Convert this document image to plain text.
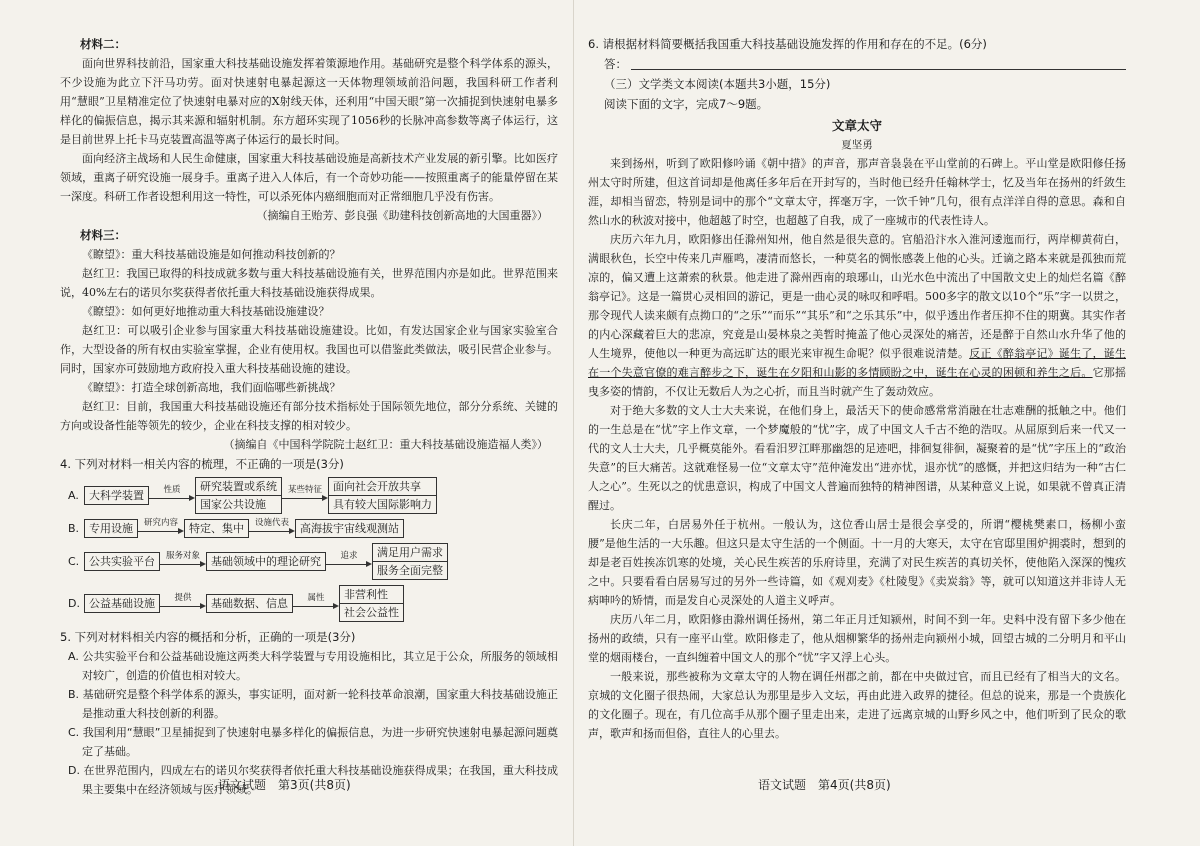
材料二：

面向世界科技前沿，国家重大科技基础设施发挥着策源地作用。基础研究是整个科学体系的源头，不少设施为此立下汗马功劳。面对快速射电暴起源这一天体物理领域前沿问题，我国科研工作者利用“慧眼”卫星精准定位了快速射电暴对应的X射线天体，还利用“中国天眼”第一次捕捉到快速射电暴多样化的偏振信息，揭示其来源和辐射机制。东方超环实现了1056秒的长脉冲高参数等离子体运行，这是目前世界上托卡马克装置高温等离子体运行的最长时间。

面向经济主战场和人民生命健康，国家重大科技基础设施是高新技术产业发展的新引擎。比如医疗领域，重离子研究设施一展身手。重离子进入人体后，有一个奇妙功能——按照重离子的能量停留在某一深度。科研工作者设想利用这一特性，可以杀死体内癌细胞而对正常细胞几乎没有伤害。

（摘编自王贻芳、彭良强《助建科技创新高地的大国重器》）

材料三：

《瞭望》：重大科技基础设施是如何推动科技创新的？

赵红卫：我国已取得的科技成就多数与重大科技基础设施有关，世界范围内亦是如此。世界范围来说，40%左右的诺贝尔奖获得者依托重大科技基础设施获得成果。

《瞭望》：如何更好地推动重大科技基础设施建设？

赵红卫：可以吸引企业参与国家重大科技基础设施建设。比如，有发达国家企业与国家实验室合作，大型设备的所有权由实验室掌握，企业有使用权。我国也可以借鉴此类做法，吸引民营企业参与。同时，国家亦可鼓励地方政府投入重大科技基础设施的建设。

《瞭望》：打造全球创新高地，我们面临哪些新挑战？

赵红卫：目前，我国重大科技基础设施还有部分技术指标处于国际领先地位，部分分系统、关键的方向或设备性能等领先的较少，企业在科技支撑的相对较少。

（摘编自《中国科学院院士赵红卫：重大科技基础设施造福人类》）

4. 下列对材料一相关内容的梳理，不正确的一项是(3分)

A. 大科学装置	性质	研究装置或系统
国家公共设施
某些特征	面向社会开放共享
具有较大国际影响力
B. 专用设施	研究内容	特定、集中	设施代表	高海拔宇宙线观测站
C. 公共实验平台	服务对象	基础领域中的理论研究	追求	满足用户需求
服务全面完整
D. 公益基础设施	提供	基础数据、信息	属性	非营利性
社会公益性

5. 下列对材料相关内容的概括和分析，正确的一项是(3分)

A. 公共实验平台和公益基础设施这两类大科学装置与专用设施相比，其立足于公众，所服务的领域相对较广，创造的价值也相对较大。

B. 基础研究是整个科学体系的源头，事实证明，面对新一轮科技革命浪潮，国家重大科技基础设施正是推动重大科技创新的利器。

C. 我国利用“慧眼”卫星捕捉到了快速射电暴多样化的偏振信息，为进一步研究快速射电暴起源问题奠定了基础。

D. 在世界范围内，四成左右的诺贝尔奖获得者依托重大科技基础设施获得成果；在我国，重大科技成果主要集中在经济领域与医疗领域。

语文试题　第3页(共8页)

6. 请根据材料简要概括我国重大科技基础设施发挥的作用和存在的不足。(6分)

答：

（三）文学类文本阅读(本题共3小题，15分)

阅读下面的文字，完成7～9题。

文章太守

夏坚勇

来到扬州，听到了欧阳修吟诵《朝中措》的声音，那声音袅袅在平山堂前的石碑上。平山堂是欧阳修任扬州太守时所建，但这首词却是他离任多年后在开封写的，当时他已经升任翰林学士，忆及当年在扬州的纤敛生涯，却相当留恋，特别是词中的那个“文章太守，挥毫万字，一饮千钟”几句，很有点洋洋自得的意思。森和自然山水的秋波对接中，他超越了时空，也超越了自我，成了一座城市的代表性诗人。

庆历六年九月，欧阳修出任滁州知州，他自然是很失意的。官船沿汴水入淮河逶迤而行，两岸柳黄荷白，满眼秋色，长空中传来几声雁鸣，凄清而悠长，一种莫名的惆怅感袭上他的心头。迁谪之路本来就是孤独而荒凉的，偏又遭上这萧索的秋景。他走进了滁州西南的琅琊山，山光水色中流出了中国散文史上的灿烂名篇《醉翁亭记》。这是一篇贯心灵相回的游记，更是一曲心灵的咏叹和呼唱。500多字的散文以10个“乐”字一以贯之，那令现代人读来颇有点拗口的“之乐”“而乐”“其乐”和“之乐其乐”中，似乎透出作者压抑不住的期冀。其实作者的内心深藏着巨大的悲凉，究竟是山晏林泉之美暂时掩盖了他心灵深处的痛苦，还是醉于自然山水升华了他的人生境界，使他以一种更为高远旷达的眼光来审视生命呢？似乎很难说清楚。反正《醉翁亭记》诞生了，诞生在一个失意官僚的难言醉步之下，诞生在夕阳和山影的多情顾盼之中，诞生在心灵的困顿和养生之后。它那摇曳多姿的情韵，不仅让无数后人为之心折，而且当时就产生了轰动效应。

对于绝大多数的文人士大夫来说，在他们身上，最活天下的使命感常常消融在壮志难酬的抵触之中。他们的一生总是在“忧”字上作文章，一个梦魔般的“忧”字，成了中国文人千古不绝的浩叹。从屈原到后来一代又一代的文人士大夫，几乎概莫能外。看看汨罗江畔那幽怨的足迹吧，排徊复徘徊，凝聚着的是“忧”字压上的“政治失意”的巨大痛苦。这就难怪易一位“文章太守”范仲淹发出“进亦忧，退亦忧”的感慨，并把这归结为一种“古仁人之心”。生死以之的忧患意识，构成了中国文人普遍而独特的精神图谱，从某种意义上说，如果就不曾真正清醒过。

长庆二年，白居易外任于杭州。一般认为，这位香山居士是很会享受的，所谓“樱桃樊素口，杨柳小蛮腰”是他生活的一大乐趣。但这只是太守生活的一个侧面。十一月的大寒天，太守在官邸里围炉拥裘时，想到的却是老百姓挨冻饥寒的处境，关心民生疾苦的乐府诗里，充满了对民生疾苦的真切关怀，使他陷入深深的愧疚之中。只要看看白居易写过的另外一些诗篇，如《观刈麦》《杜陵叟》《卖炭翁》等，就可以知道这并非诗人无病呻吟的矫情，而是发自心灵深处的人道主义呼声。

庆历八年二月，欧阳修由滁州调任扬州，第二年正月迁知颍州，时间不到一年。史料中没有留下多少他在扬州的政绩，只有一座平山堂。欧阳修走了，他从烟柳繁华的扬州走向颍州小城，回望古城的二分明月和平山堂的烟雨楼台，一直纠缠着中国文人的那个“忧”字又浮上心头。

一般来说，那些被称为文章太守的人物在调任州郡之前，都在中央做过官，而且已经有了相当大的文名。京城的文化圈子很热闹，大家总认为那里是步入文坛，再由此进入政界的捷径。但总的说来，那是一个贵族化的文化圈子。现在，有几位高手从那个圈子里走出来，走进了远离京城的山野乡风之中，他们听到了民众的歌声，歌声和扬而但俗，直往人的心里去。

语文试题　第4页(共8页)
